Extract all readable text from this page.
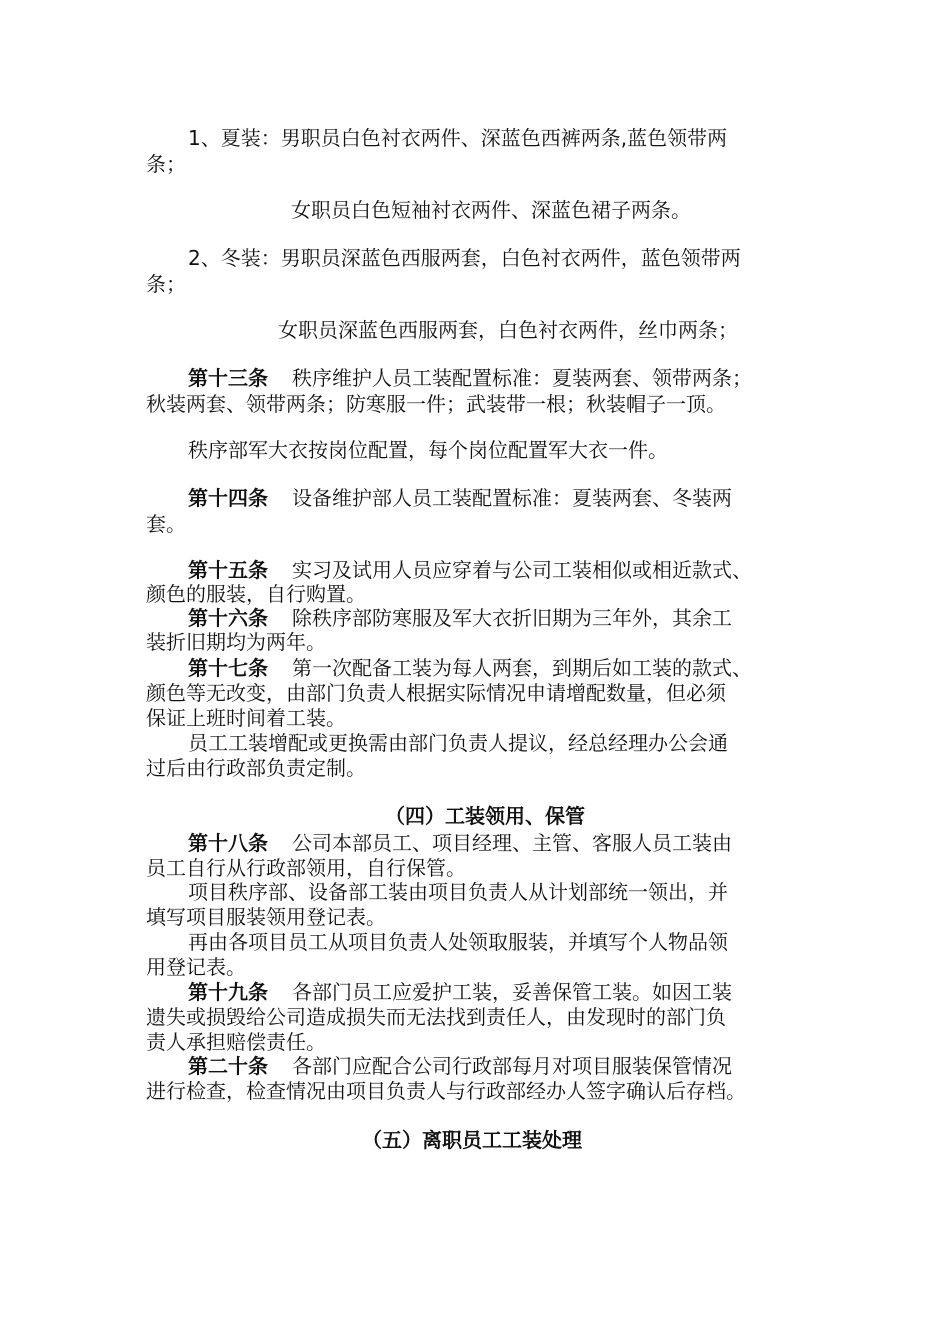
1、夏装：男职员白色衬衣两件、深蓝色西裤两条,蓝色领带两
条；
女职员白色短袖衬衣两件、深蓝色裙子两条。
2、冬装：男职员深蓝色西服两套，白色衬衣两件，蓝色领带两
条；
女职员深蓝色西服两套，白色衬衣两件，丝巾两条；
第十三条 秩序维护人员工装配置标准：夏装两套、领带两条；
秋装两套、领带两条；防寒服一件；武装带一根；秋装帽子一顶。
秩序部军大衣按岗位配置，每个岗位配置军大衣一件。
第十四条 设备维护部人员工装配置标准：夏装两套、冬装两
套。
第十五条 实习及试用人员应穿着与公司工装相似或相近款式、
颜色的服装，自行购置。
第十六条 除秩序部防寒服及军大衣折旧期为三年外，其余工
装折旧期均为两年。
第十七条 第一次配备工装为每人两套，到期后如工装的款式、
颜色等无改变，由部门负责人根据实际情况申请增配数量，但必须
保证上班时间着工装。
员工工装增配或更换需由部门负责人提议，经总经理办公会通
过后由行政部负责定制。
（四）工装领用、保管
第十八条 公司本部员工、项目经理、主管、客服人员工装由
员工自行从行政部领用，自行保管。
项目秩序部、设备部工装由项目负责人从计划部统一领出，并
填写项目服装领用登记表。
再由各项目员工从项目负责人处领取服装，并填写个人物品领
用登记表。
第十九条 各部门员工应爱护工装，妥善保管工装。如因工装
遗失或损毁给公司造成损失而无法找到责任人，由发现时的部门负
责人承担赔偿责任。
第二十条 各部门应配合公司行政部每月对项目服装保管情况
进行检查，检查情况由项目负责人与行政部经办人签字确认后存档。
（五）离职员工工装处理
